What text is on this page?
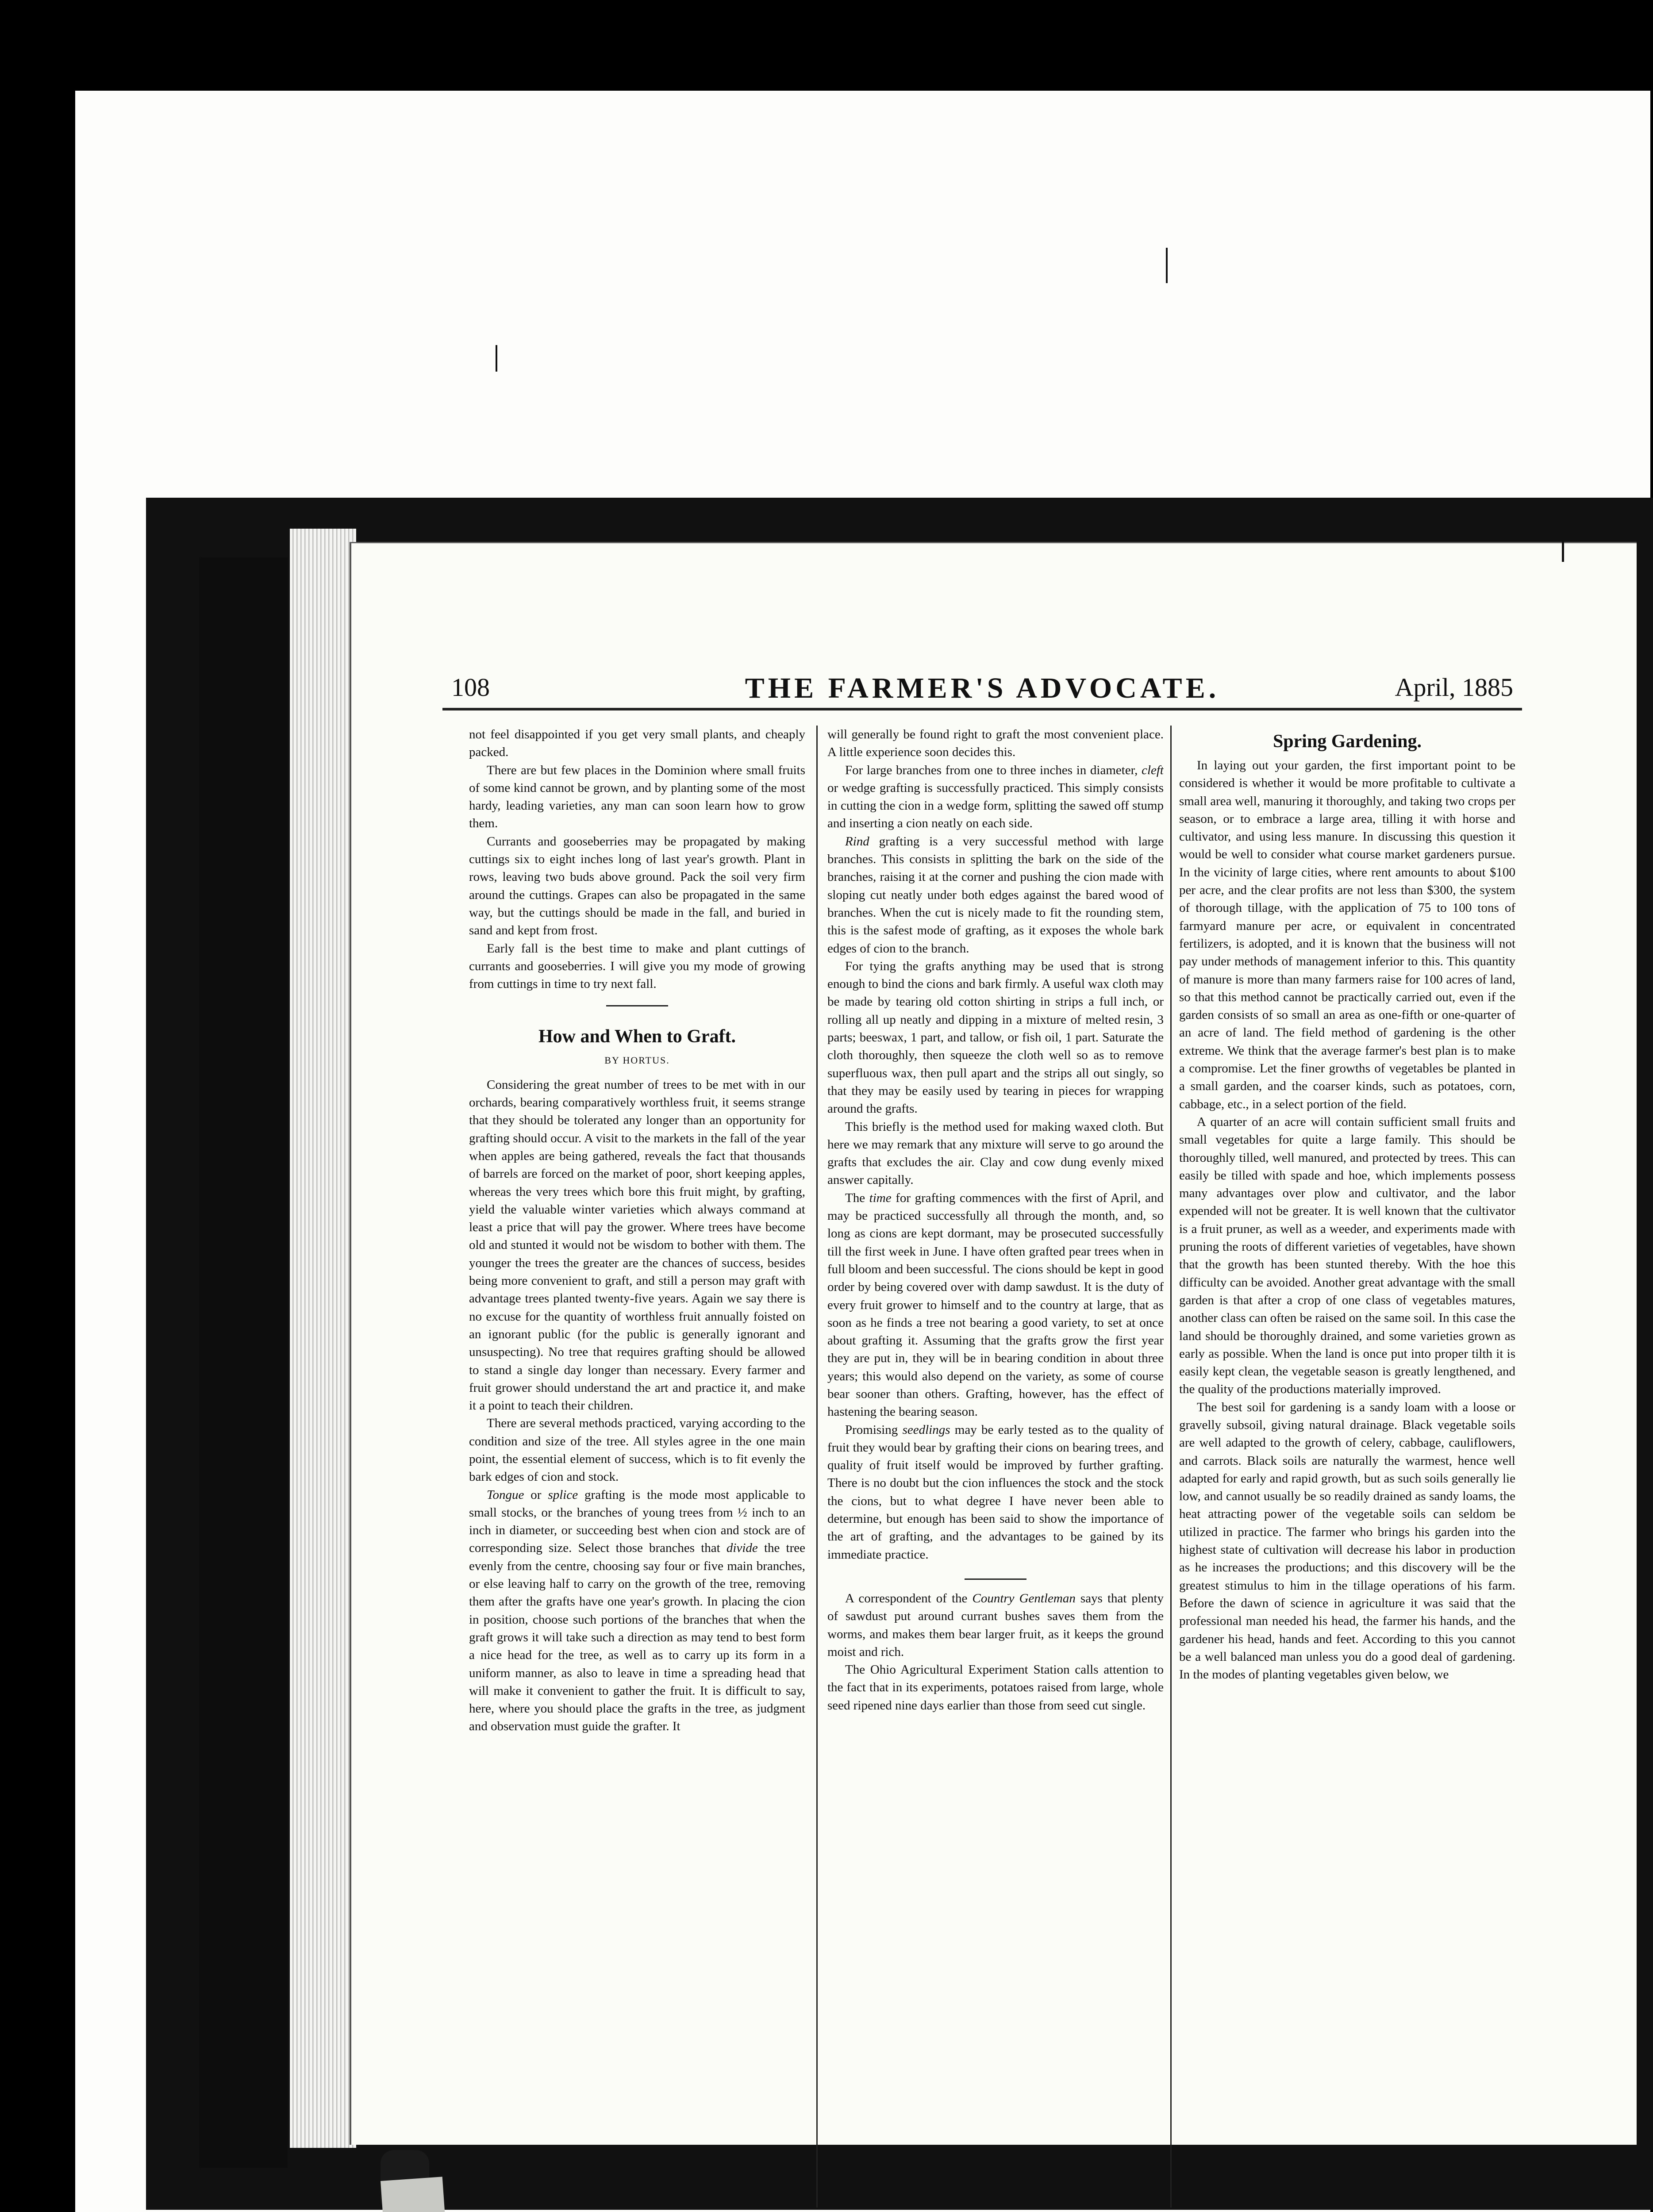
108	THE FARMER'S ADVOCATE.	April, 1885

not feel disappointed if you get very small plants, and cheaply packed.

There are but few places in the Dominion where small fruits of some kind cannot be grown, and by planting some of the most hardy, leading varieties, any man can soon learn how to grow them.

Currants and gooseberries may be propagated by making cuttings six to eight inches long of last year's growth. Plant in rows, leaving two buds above ground. Pack the soil very firm around the cuttings. Grapes can also be propagated in the same way, but the cuttings should be made in the fall, and buried in sand and kept from frost.

Early fall is the best time to make and plant cuttings of currants and gooseberries. I will give you my mode of growing from cuttings in time to try next fall.

How and When to Graft.
BY HORTUS.

Considering the great number of trees to be met with in our orchards, bearing comparatively worthless fruit, it seems strange that they should be tolerated any longer than an opportunity for grafting should occur. A visit to the markets in the fall of the year when apples are being gathered, reveals the fact that thousands of barrels are forced on the market of poor, short keeping apples, whereas the very trees which bore this fruit might, by grafting, yield the valuable winter varieties which always command at least a price that will pay the grower. Where trees have become old and stunted it would not be wisdom to bother with them. The younger the trees the greater are the chances of success, besides being more convenient to graft, and still a person may graft with advantage trees planted twenty-five years. Again we say there is no excuse for the quantity of worthless fruit annually foisted on an ignorant public (for the public is generally ignorant and unsuspecting). No tree that requires grafting should be allowed to stand a single day longer than necessary. Every farmer and fruit grower should understand the art and practice it, and make it a point to teach their children.

There are several methods practiced, varying according to the condition and size of the tree. All styles agree in the one main point, the essential element of success, which is to fit evenly the bark edges of cion and stock.

Tongue or splice grafting is the mode most applicable to small stocks, or the branches of young trees from ½ inch to an inch in diameter, or succeeding best when cion and stock are of corresponding size. Select those branches that divide the tree evenly from the centre, choosing say four or five main branches, or else leaving half to carry on the growth of the tree, removing them after the grafts have one year's growth. In placing the cion in position, choose such portions of the branches that when the graft grows it will take such a direction as may tend to best form a nice head for the tree, as well as to carry up its form in a uniform manner, as also to leave in time a spreading head that will make it convenient to gather the fruit. It is difficult to say, here, where you should place the grafts in the tree, as judgment and observation must guide the grafter. It

will generally be found right to graft the most convenient place. A little experience soon decides this.

For large branches from one to three inches in diameter, cleft or wedge grafting is successfully practiced. This simply consists in cutting the cion in a wedge form, splitting the sawed off stump and inserting a cion neatly on each side.

Rind grafting is a very successful method with large branches. This consists in splitting the bark on the side of the branches, raising it at the corner and pushing the cion made with sloping cut neatly under both edges against the bared wood of branches. When the cut is nicely made to fit the rounding stem, this is the safest mode of grafting, as it exposes the whole bark edges of cion to the branch.

For tying the grafts anything may be used that is strong enough to bind the cions and bark firmly. A useful wax cloth may be made by tearing old cotton shirting in strips a full inch, or rolling all up neatly and dipping in a mixture of melted resin, 3 parts; beeswax, 1 part, and tallow, or fish oil, 1 part. Saturate the cloth thoroughly, then squeeze the cloth well so as to remove superfluous wax, then pull apart and the strips all out singly, so that they may be easily used by tearing in pieces for wrapping around the grafts.

This briefly is the method used for making waxed cloth. But here we may remark that any mixture will serve to go around the grafts that excludes the air. Clay and cow dung evenly mixed answer capitally.

The time for grafting commences with the first of April, and may be practiced successfully all through the month, and, so long as cions are kept dormant, may be prosecuted successfully till the first week in June. I have often grafted pear trees when in full bloom and been successful. The cions should be kept in good order by being covered over with damp sawdust. It is the duty of every fruit grower to himself and to the country at large, that as soon as he finds a tree not bearing a good variety, to set at once about grafting it. Assuming that the grafts grow the first year they are put in, they will be in bearing condition in about three years; this would also depend on the variety, as some of course bear sooner than others. Grafting, however, has the effect of hastening the bearing season.

Promising seedlings may be early tested as to the quality of fruit they would bear by grafting their cions on bearing trees, and quality of fruit itself would be improved by further grafting. There is no doubt but the cion influences the stock and the stock the cions, but to what degree I have never been able to determine, but enough has been said to show the importance of the art of grafting, and the advantages to be gained by its immediate practice.

A correspondent of the Country Gentleman says that plenty of sawdust put around currant bushes saves them from the worms, and makes them bear larger fruit, as it keeps the ground moist and rich.

The Ohio Agricultural Experiment Station calls attention to the fact that in its experiments, potatoes raised from large, whole seed ripened nine days earlier than those from seed cut single.

Spring Gardening.

In laying out your garden, the first important point to be considered is whether it would be more profitable to cultivate a small area well, manuring it thoroughly, and taking two crops per season, or to embrace a large area, tilling it with horse and cultivator, and using less manure. In discussing this question it would be well to consider what course market gardeners pursue. In the vicinity of large cities, where rent amounts to about $100 per acre, and the clear profits are not less than $300, the system of thorough tillage, with the application of 75 to 100 tons of farmyard manure per acre, or equivalent in concentrated fertilizers, is adopted, and it is known that the business will not pay under methods of management inferior to this. This quantity of manure is more than many farmers raise for 100 acres of land, so that this method cannot be practically carried out, even if the garden consists of so small an area as one-fifth or one-quarter of an acre of land. The field method of gardening is the other extreme. We think that the average farmer's best plan is to make a compromise. Let the finer growths of vegetables be planted in a small garden, and the coarser kinds, such as potatoes, corn, cabbage, etc., in a select portion of the field.

A quarter of an acre will contain sufficient small fruits and small vegetables for quite a large family. This should be thoroughly tilled, well manured, and protected by trees. This can easily be tilled with spade and hoe, which implements possess many advantages over plow and cultivator, and the labor expended will not be greater. It is well known that the cultivator is a fruit pruner, as well as a weeder, and experiments made with pruning the roots of different varieties of vegetables, have shown that the growth has been stunted thereby. With the hoe this difficulty can be avoided. Another great advantage with the small garden is that after a crop of one class of vegetables matures, another class can often be raised on the same soil. In this case the land should be thoroughly drained, and some varieties grown as early as possible. When the land is once put into proper tilth it is easily kept clean, the vegetable season is greatly lengthened, and the quality of the productions materially improved.

The best soil for gardening is a sandy loam with a loose or gravelly subsoil, giving natural drainage. Black vegetable soils are well adapted to the growth of celery, cabbage, cauliflowers, and carrots. Black soils are naturally the warmest, hence well adapted for early and rapid growth, but as such soils generally lie low, and cannot usually be so readily drained as sandy loams, the heat attracting power of the vegetable soils can seldom be utilized in practice. The farmer who brings his garden into the highest state of cultivation will decrease his labor in production as he increases the productions; and this discovery will be the greatest stimulus to him in the tillage operations of his farm. Before the dawn of science in agriculture it was said that the professional man needed his head, the farmer his hands, and the gardener his head, hands and feet. According to this you cannot be a well balanced man unless you do a good deal of gardening. In the modes of planting vegetables given below, we
